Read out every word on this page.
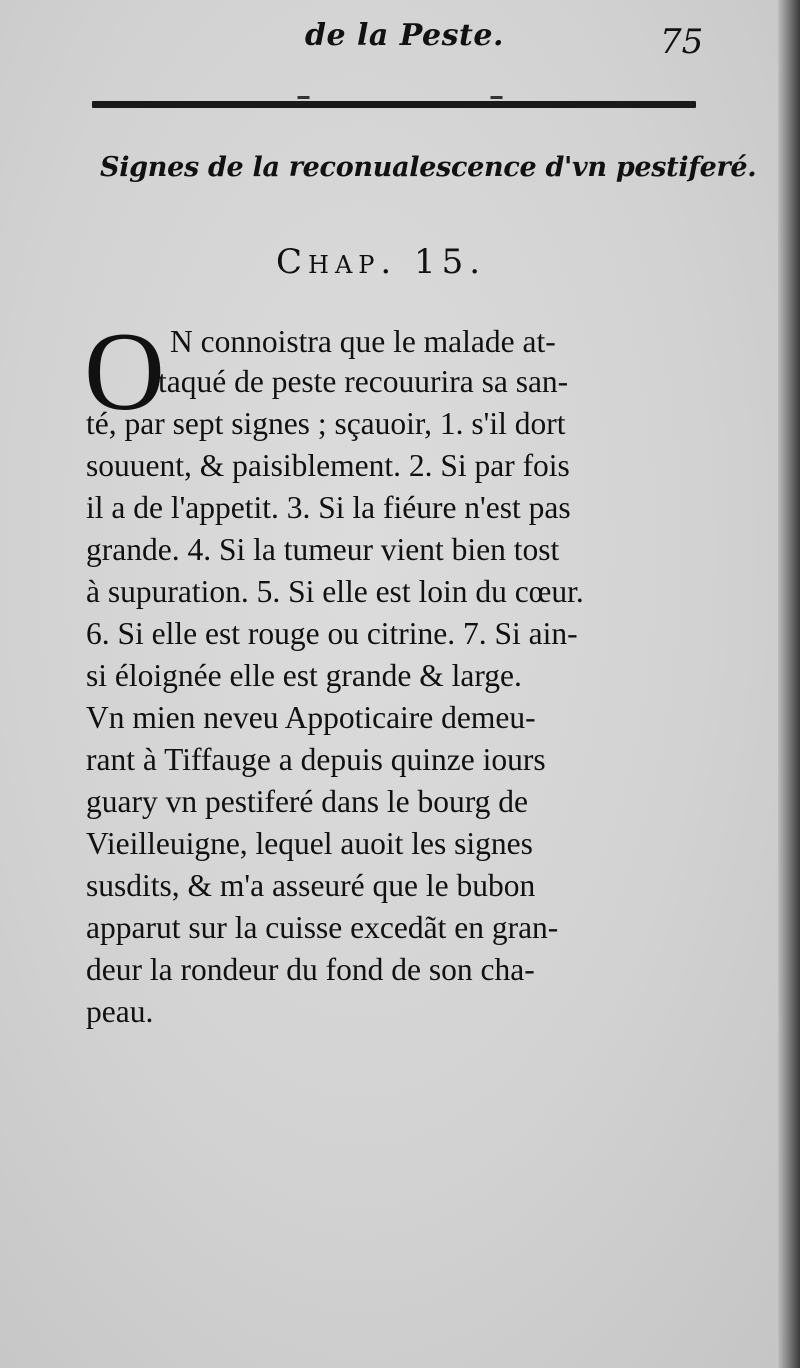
de la Peste.	75
Signes de la reconualescence d'vn pestiferé.
Chap. 15.
O N connoistra que le malade at-
taqué de peste recouurira sa san-
té, par sept signes ; sçauoir, 1. s'il dort
souuent, & paisiblement. 2. Si par fois
il a de l'appetit. 3. Si la fiéure n'est pas
grande. 4. Si la tumeur vient bien tost
à supuration. 5. Si elle est loin du cœur.
6. Si elle est rouge ou citrine. 7. Si ain-
si éloignée elle est grande & large.
Vn mien neveu Appoticaire demeu-
rant à Tiffauge a depuis quinze iours
guary vn pestiferé dans le bourg de
Vieilleuigne, lequel auoit les signes
susdits, & m'a asseuré que le bubon
apparut sur la cuisse excedãt en gran-
deur la rondeur du fond de son cha-
peau.
